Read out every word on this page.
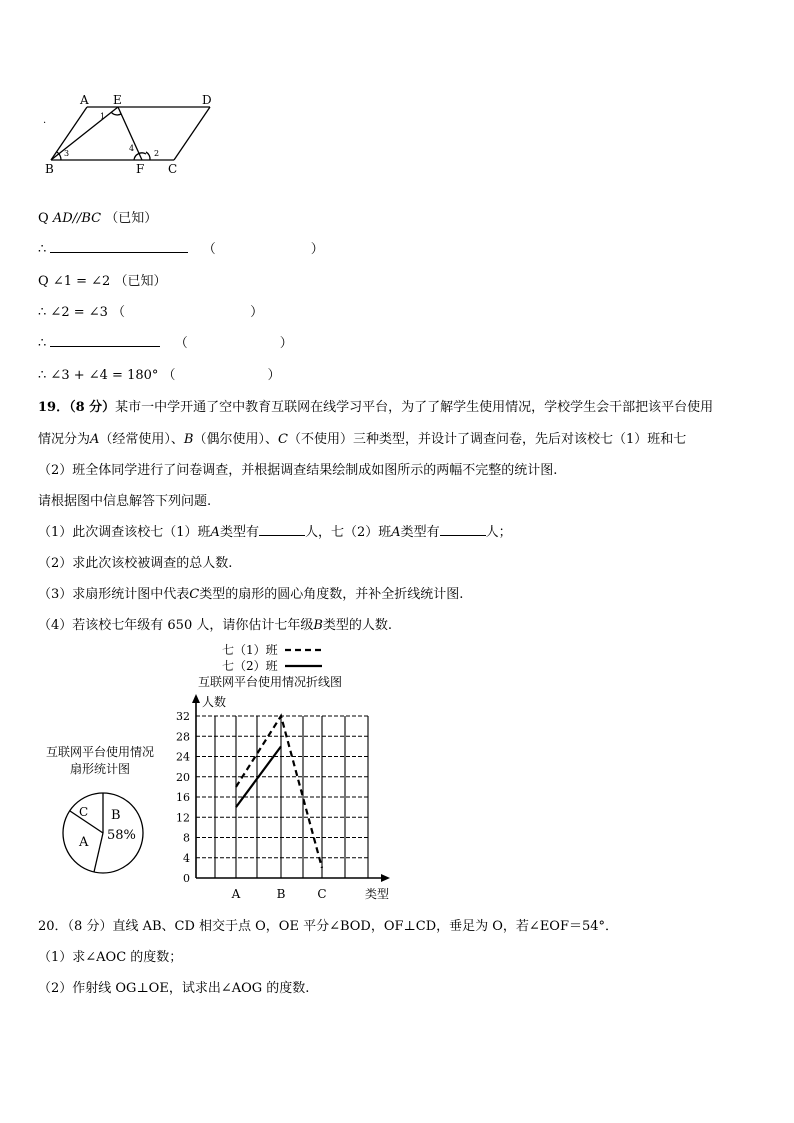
A E	D
B	F C
1
2
3
4
.
Q AD//BC （已知）
∴	（	）
Q ∠1 = ∠2 （已知）
∴ ∠2 = ∠3 （	）
∴	（	）
∴ ∠3 + ∠4 = 180° （	）
19．（8 分）某市一中学开通了空中教育互联网在线学习平台，为了了解学生使用情况，学校学生会干部把该平台使用
情况分为A（经常使用）、B（偶尔使用）、C（不使用）三种类型，并设计了调查问卷，先后对该校七（1）班和七
（2）班全体同学进行了问卷调查，并根据调查结果绘制成如图所示的两幅不完整的统计图.
请根据图中信息解答下列问题.
（1）此次调查该校七（1）班A类型有	人，七（2）班A类型有	人；
（2）求此次该校被调查的总人数.
（3）求扇形统计图中代表C类型的扇形的圆心角度数，并补全折线统计图.
（4）若该校七年级有 650 人，请你估计七年级B类型的人数.
互联网平台使用情况
扇形统计图
B
58%
A
C
七（1）班
七（2）班
互联网平台使用情况折线图
0
4
8
12
16
20
24
28
32
A	B	C
人数
类型
20．（8 分）直线 AB、CD 相交于点 O，OE 平分∠BOD，OF⊥CD，垂足为 O，若∠EOF＝54°．
（1）求∠AOC 的度数；
（2）作射线 OG⊥OE，试求出∠AOG 的度数.
